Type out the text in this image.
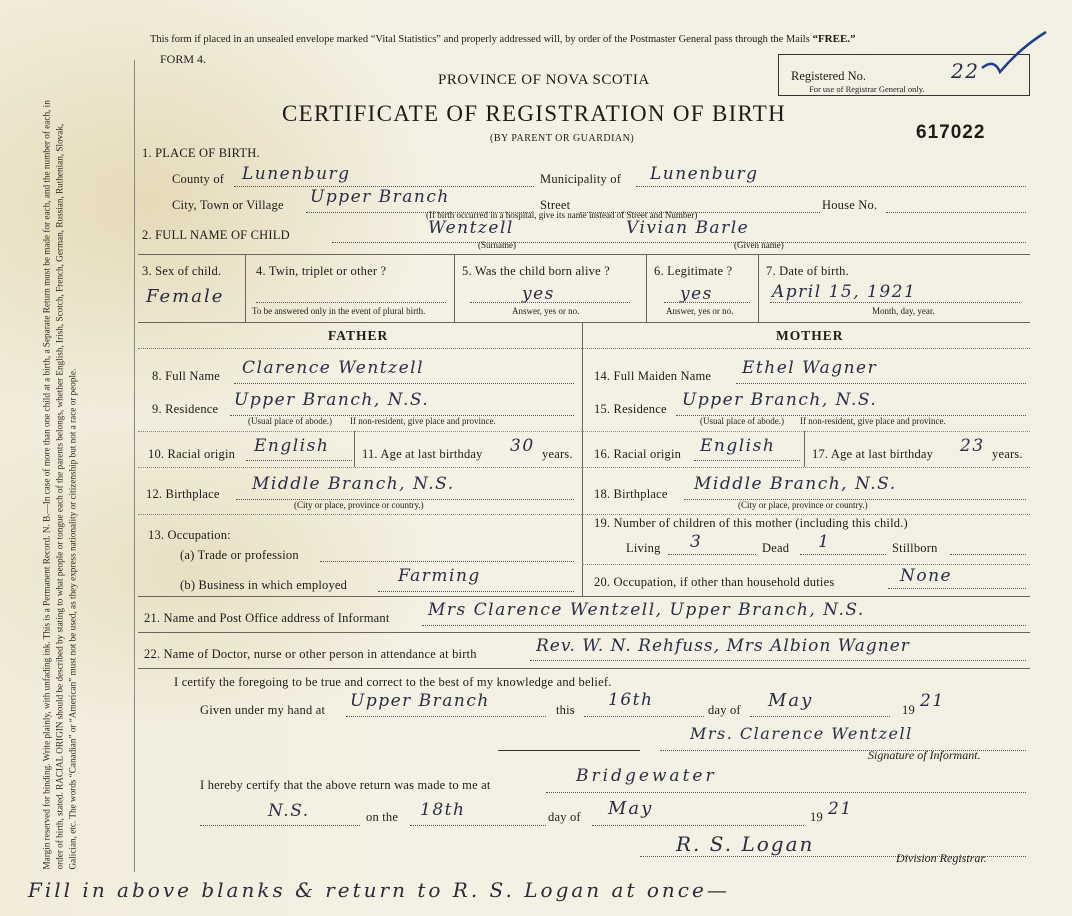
Margin reserved for binding. Write plainly, with unfading ink. This is a Permanent Record. N. B.—In case of more than one child at a birth, a Separate Return must be made for each, and the number of each, in order of birth, stated. RACIAL ORIGIN should be described by stating to what people or tongue each of the parents belongs, whether English, Irish, Scotch, French, German, Russian, Ruthenian, Slovak, Galician, etc. The words “Canadian” or “American” must not be used, as they express nationality or citizenship but not a race or people.
This form if placed in an unsealed envelope marked “Vital Statistics” and properly addressed will, by order of the Postmaster General pass through the Mails “FREE.”
FORM 4.
Registered No.	22
For use of Registrar General only.
PROVINCE OF NOVA SCOTIA
CERTIFICATE OF REGISTRATION OF BIRTH
(BY PARENT OR GUARDIAN)	617022
1. PLACE OF BIRTH.
County of Lunenburg	Municipality of Lunenburg
City, Town or Village Upper Branch	Street	House No.
(If birth occurred in a hospital, give its name instead of Street and Number)
2. FULL NAME OF CHILD	Wentzell	Vivian Barle
(Surname)	(Given name)
3. Sex of child.
Female
4. Twin, triplet or other ?
To be answered only in the event of plural birth.
5. Was the child born alive ?
yes
Answer, yes or no.
6. Legitimate ?
yes
Answer, yes or no.
7. Date of birth.
April 15, 1921
Month, day, year.
FATHER	MOTHER
8. Full Name Clarence Wentzell
9. Residence Upper Branch, N.S.
(Usual place of abode.) If non-resident, give place and province.
10. Racial origin English	11. Age at last birthday 30 years.
12. Birthplace Middle Branch, N.S.
(City or place, province or country.)
13. Occupation:
(a) Trade or profession
(b) Business in which employed	Farming
14. Full Maiden Name Ethel Wagner
15. Residence Upper Branch, N.S.
(Usual place of abode.) If non-resident, give place and province.
16. Racial origin English	17. Age at last birthday 23 years.
18. Birthplace Middle Branch, N.S.
(City or place, province or country.)
19. Number of children of this mother (including this child.)
Living 3	Dead 1	Stillborn
20. Occupation, if other than household duties	None
21. Name and Post Office address of Informant Mrs Clarence Wentzell, Upper Branch, N.S.
22. Name of Doctor, nurse or other person in attendance at birth	Rev. W. N. Rehfuss, Mrs Albion Wagner
I certify the foregoing to be true and correct to the best of my knowledge and belief.
Given under my hand at Upper Branch	this 16th	day of May	19 21
Mrs. Clarence Wentzell
Signature of Informant.
I hereby certify that the above return was made to me at	Bridgewater
N.S.	on the 18th	day of May	19 21
R. S. Logan
Division Registrar.
Fill in above blanks & return to R. S. Logan at once—
